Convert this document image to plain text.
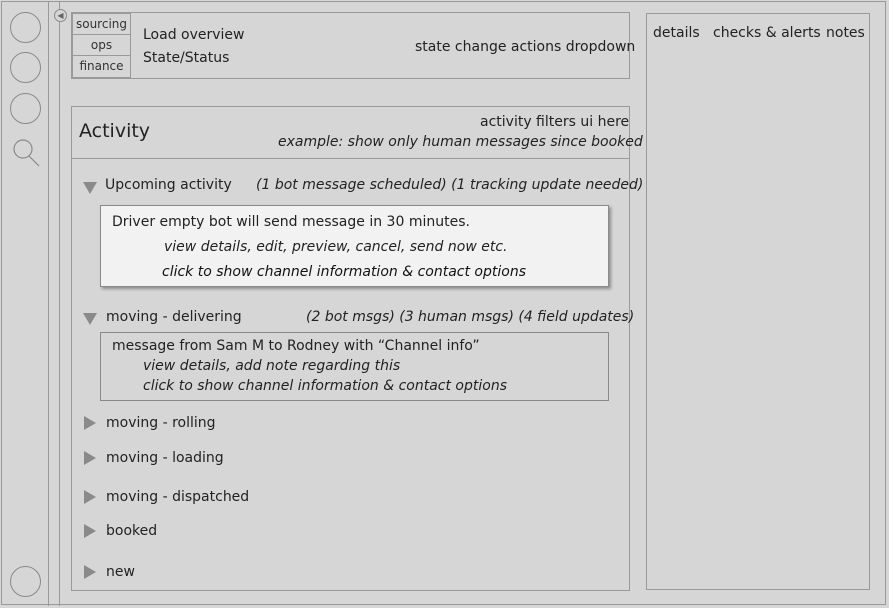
◀
sourcing
ops
finance
Load overview
State/Status
state change actions dropdown
Activity	activity filters ui here
example: show only human messages since booked
Upcoming activity (1 bot message scheduled) (1 tracking update needed)
Driver empty bot will send message in 30 minutes.
view details, edit, preview, cancel, send now etc.
click to show channel information & contact options
moving - delivering	(2 bot msgs) (3 human msgs) (4 field updates)
message from Sam M to Rodney with “Channel info”
view details, add note regarding this
click to show channel information & contact options
moving - rolling
moving - loading
moving - dispatched
booked
new
details checks & alerts notes
